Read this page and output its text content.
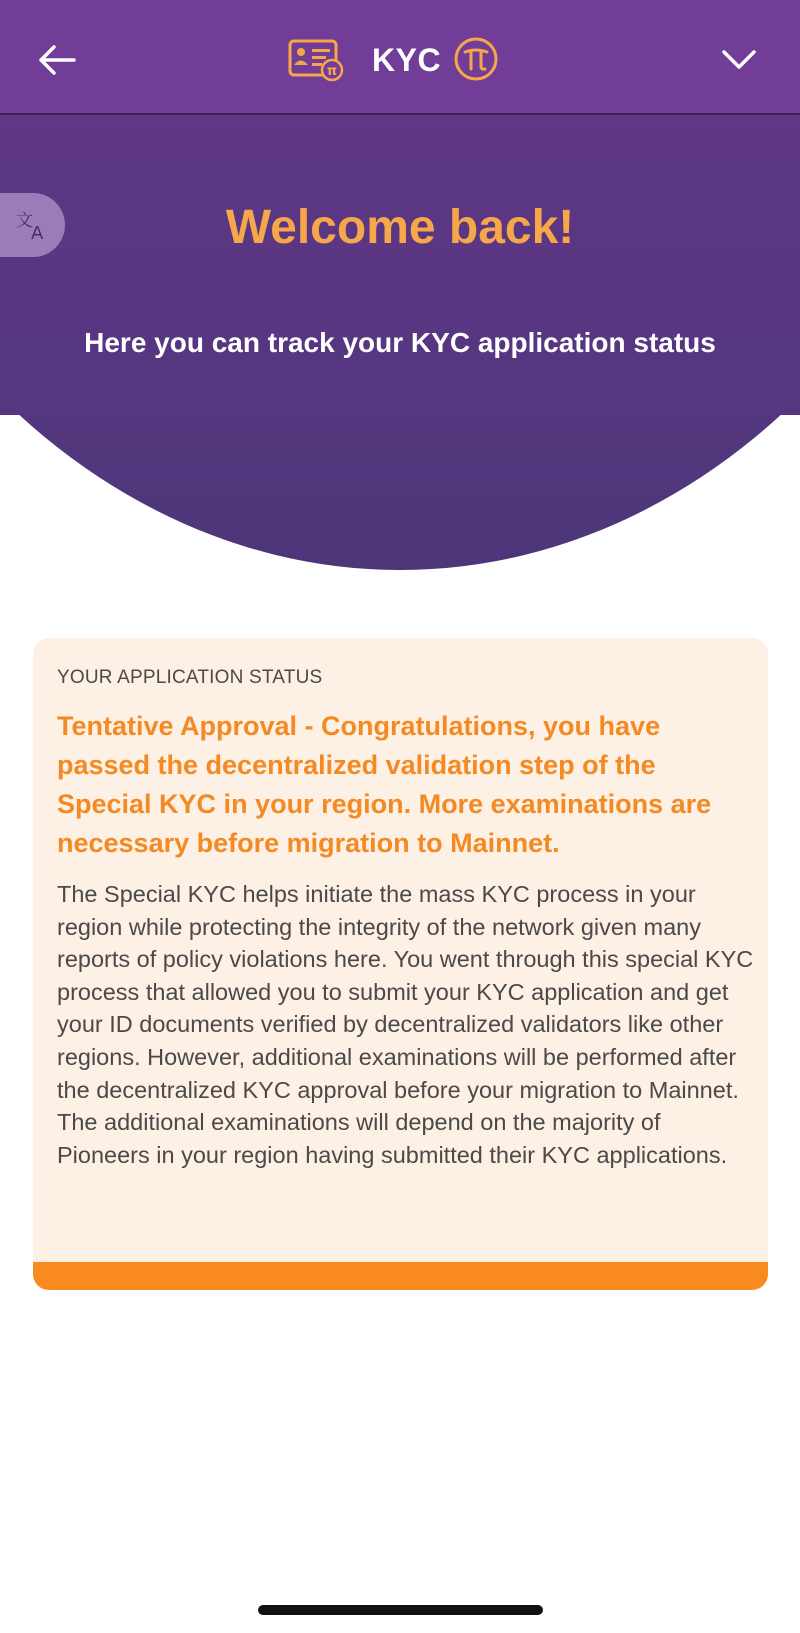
π KYC
文
A	Welcome back!
Here you can track your KYC application status
YOUR APPLICATION STATUS
Tentative Approval - Congratulations, you have passed the decentralized validation step of the Special KYC in your region. More examinations are necessary before migration to Mainnet.
The Special KYC helps initiate the mass KYC process in your region while protecting the integrity of the network given many reports of policy violations here. You went through this special KYC process that allowed you to submit your KYC application and get your ID documents verified by decentralized validators like other regions. However, additional examinations will be performed after the decentralized KYC approval before your migration to Mainnet. The additional examinations will depend on the majority of Pioneers in your region having submitted their KYC applications.
